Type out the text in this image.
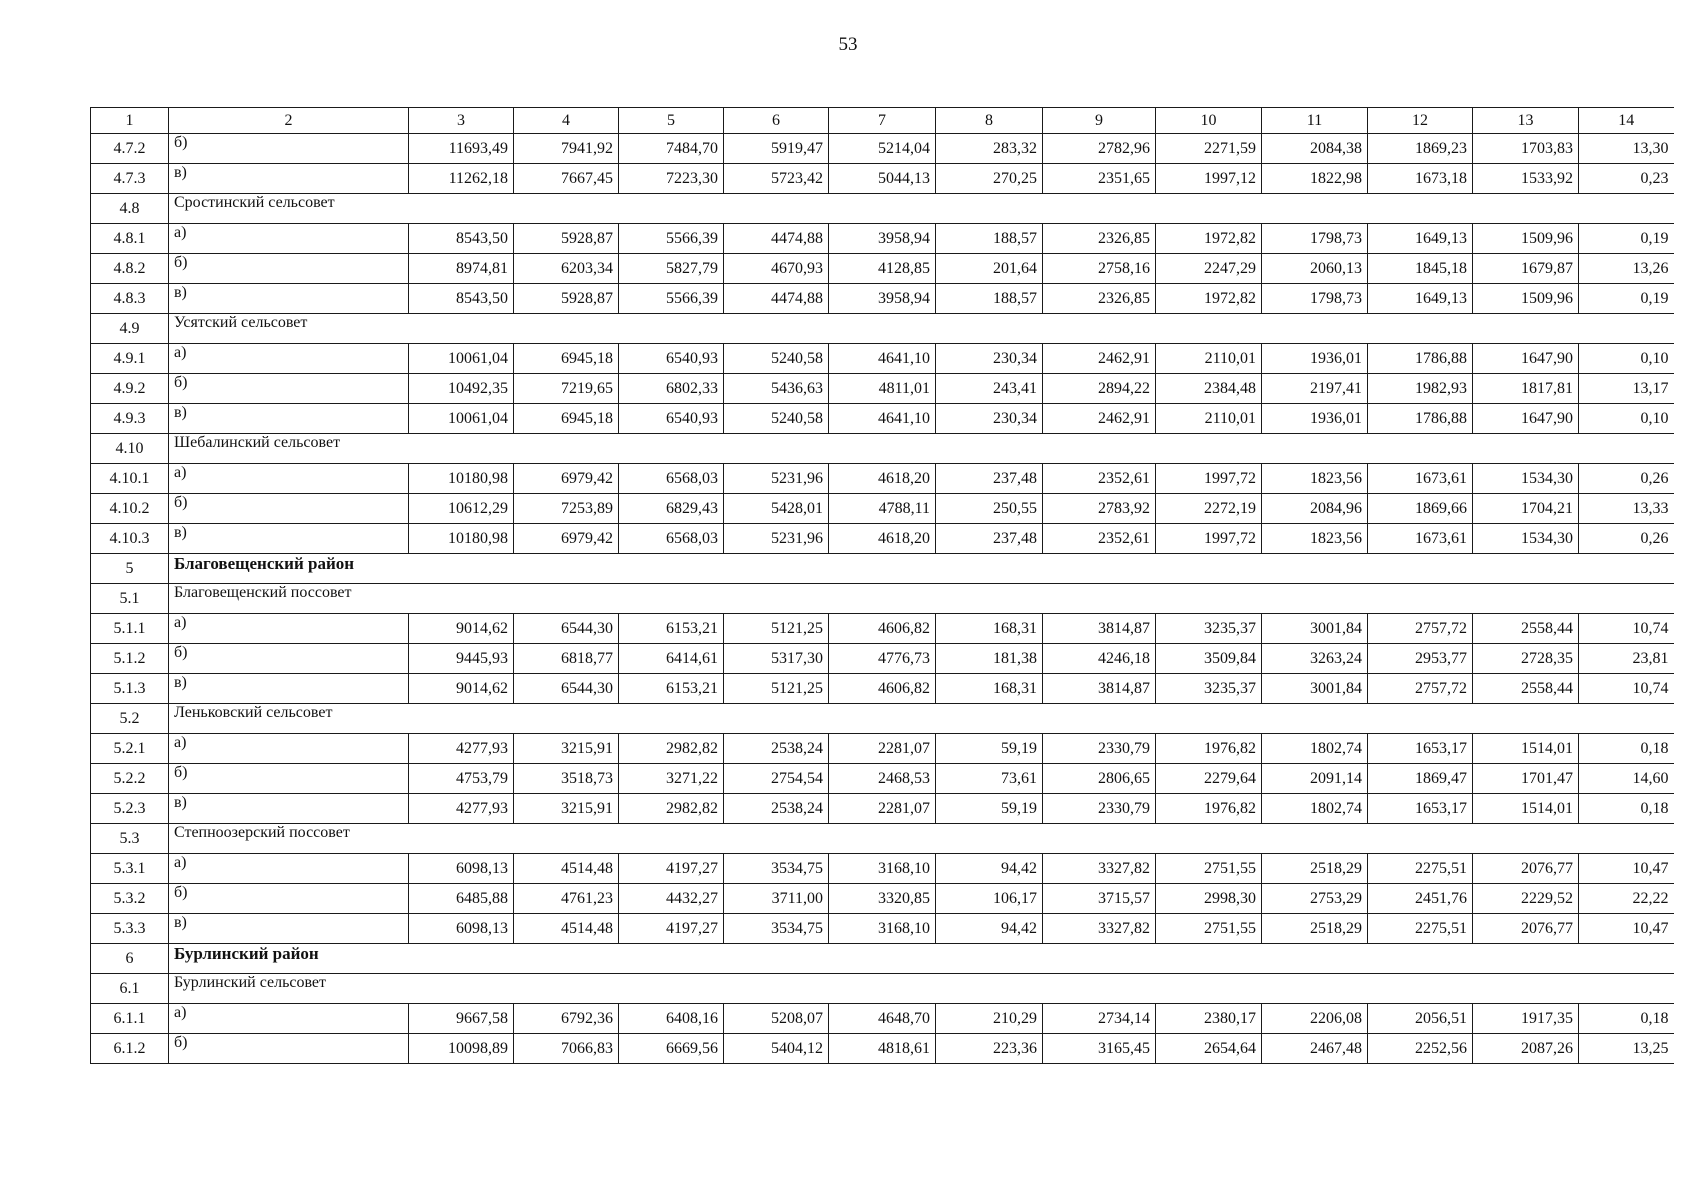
53
1	2	3	4	5	6	7	8	9	10	11	12	13	14
4.7.2	б)	11693,49	7941,92	7484,70	5919,47	5214,04	283,32	2782,96	2271,59	2084,38	1869,23	1703,83	13,30
4.7.3	в)	11262,18	7667,45	7223,30	5723,42	5044,13	270,25	2351,65	1997,12	1822,98	1673,18	1533,92	0,23
4.8	Сростинский сельсовет												
4.8.1	а)	8543,50	5928,87	5566,39	4474,88	3958,94	188,57	2326,85	1972,82	1798,73	1649,13	1509,96	0,19
4.8.2	б)	8974,81	6203,34	5827,79	4670,93	4128,85	201,64	2758,16	2247,29	2060,13	1845,18	1679,87	13,26
4.8.3	в)	8543,50	5928,87	5566,39	4474,88	3958,94	188,57	2326,85	1972,82	1798,73	1649,13	1509,96	0,19
4.9	Усятский сельсовет												
4.9.1	а)	10061,04	6945,18	6540,93	5240,58	4641,10	230,34	2462,91	2110,01	1936,01	1786,88	1647,90	0,10
4.9.2	б)	10492,35	7219,65	6802,33	5436,63	4811,01	243,41	2894,22	2384,48	2197,41	1982,93	1817,81	13,17
4.9.3	в)	10061,04	6945,18	6540,93	5240,58	4641,10	230,34	2462,91	2110,01	1936,01	1786,88	1647,90	0,10
4.10	Шебалинский сельсовет												
4.10.1	а)	10180,98	6979,42	6568,03	5231,96	4618,20	237,48	2352,61	1997,72	1823,56	1673,61	1534,30	0,26
4.10.2	б)	10612,29	7253,89	6829,43	5428,01	4788,11	250,55	2783,92	2272,19	2084,96	1869,66	1704,21	13,33
4.10.3	в)	10180,98	6979,42	6568,03	5231,96	4618,20	237,48	2352,61	1997,72	1823,56	1673,61	1534,30	0,26
5	Благовещенский район												
5.1	Благовещенский поссовет												
5.1.1	а)	9014,62	6544,30	6153,21	5121,25	4606,82	168,31	3814,87	3235,37	3001,84	2757,72	2558,44	10,74
5.1.2	б)	9445,93	6818,77	6414,61	5317,30	4776,73	181,38	4246,18	3509,84	3263,24	2953,77	2728,35	23,81
5.1.3	в)	9014,62	6544,30	6153,21	5121,25	4606,82	168,31	3814,87	3235,37	3001,84	2757,72	2558,44	10,74
5.2	Леньковский сельсовет												
5.2.1	а)	4277,93	3215,91	2982,82	2538,24	2281,07	59,19	2330,79	1976,82	1802,74	1653,17	1514,01	0,18
5.2.2	б)	4753,79	3518,73	3271,22	2754,54	2468,53	73,61	2806,65	2279,64	2091,14	1869,47	1701,47	14,60
5.2.3	в)	4277,93	3215,91	2982,82	2538,24	2281,07	59,19	2330,79	1976,82	1802,74	1653,17	1514,01	0,18
5.3	Степноозерский поссовет												
5.3.1	а)	6098,13	4514,48	4197,27	3534,75	3168,10	94,42	3327,82	2751,55	2518,29	2275,51	2076,77	10,47
5.3.2	б)	6485,88	4761,23	4432,27	3711,00	3320,85	106,17	3715,57	2998,30	2753,29	2451,76	2229,52	22,22
5.3.3	в)	6098,13	4514,48	4197,27	3534,75	3168,10	94,42	3327,82	2751,55	2518,29	2275,51	2076,77	10,47
6	Бурлинский район												
6.1	Бурлинский сельсовет												
6.1.1	а)	9667,58	6792,36	6408,16	5208,07	4648,70	210,29	2734,14	2380,17	2206,08	2056,51	1917,35	0,18
6.1.2	б)	10098,89	7066,83	6669,56	5404,12	4818,61	223,36	3165,45	2654,64	2467,48	2252,56	2087,26	13,25
